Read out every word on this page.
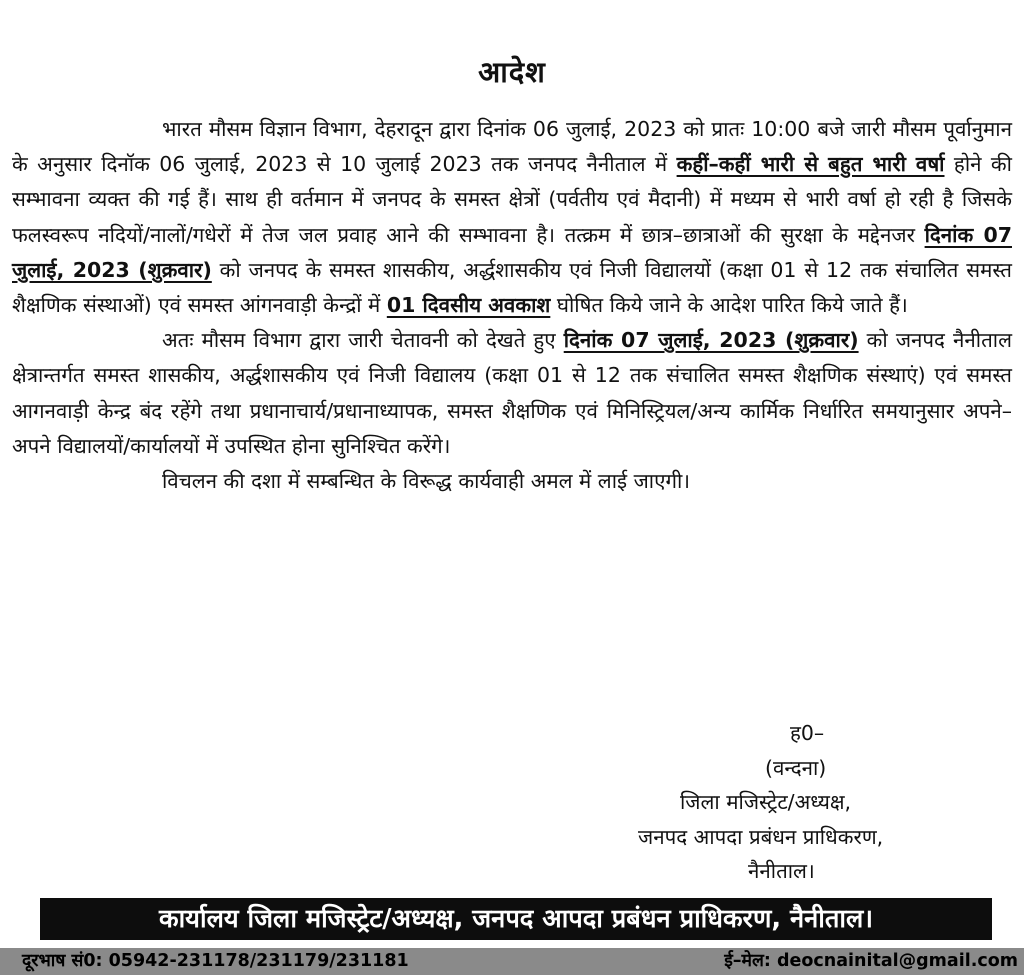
आदेश

भारत मौसम विज्ञान विभाग, देहरादून द्वारा दिनांक 06 जुलाई, 2023 को प्रातः 10:00 बजे जारी मौसम पूर्वानुमान के अनुसार दिनॉक 06 जुलाई, 2023 से 10 जुलाई 2023 तक जनपद नैनीताल में कहीं–कहीं भारी से बहुत भारी वर्षा होने की सम्भावना व्यक्त की गई हैं। साथ ही वर्तमान में जनपद के समस्त क्षेत्रों (पर्वतीय एवं मैदानी) में मध्यम से भारी वर्षा हो रही है जिसके फलस्वरूप नदियों/नालों/गधेरों में तेज जल प्रवाह आने की सम्भावना है। तत्क्रम में छात्र–छात्राओं की सुरक्षा के मद्देनजर दिनांक 07 जुलाई, 2023 (शुक्रवार) को जनपद के समस्त शासकीय, अर्द्धशासकीय एवं निजी विद्यालयों (कक्षा 01 से 12 तक संचालित समस्त शैक्षणिक संस्थाओं) एवं समस्त आंगनवाड़ी केन्द्रों में 01 दिवसीय अवकाश घोषित किये जाने के आदेश पारित किये जाते हैं।

अतः मौसम विभाग द्वारा जारी चेतावनी को देखते हुए दिनांक 07 जुलाई, 2023 (शुक्रवार) को जनपद नैनीताल क्षेत्रान्तर्गत समस्त शासकीय, अर्द्धशासकीय एवं निजी विद्यालय (कक्षा 01 से 12 तक संचालित समस्त शैक्षणिक संस्थाएं) एवं समस्त आगनवाड़ी केन्द्र बंद रहेंगे तथा प्रधानाचार्य/प्रधानाध्यापक, समस्त शैक्षणिक एवं मिनिस्ट्रियल/अन्य कार्मिक निर्धारित समयानुसार अपने–अपने विद्यालयों/कार्यालयों में उपस्थित होना सुनिश्चित करेंगे।

विचलन की दशा में सम्बन्धित के विरूद्ध कार्यवाही अमल में लाई जाएगी।

ह0–
(वन्दना)
जिला मजिस्ट्रेट/अध्यक्ष,
जनपद आपदा प्रबंधन प्राधिकरण,
नैनीताल।
कार्यालय जिला मजिस्ट्रेट/अध्यक्ष, जनपद आपदा प्रबंधन प्राधिकरण, नैनीताल।
दूरभाष सं0: 05942-231178/231179/231181	ई–मेल: deocnainital@gmail.com
